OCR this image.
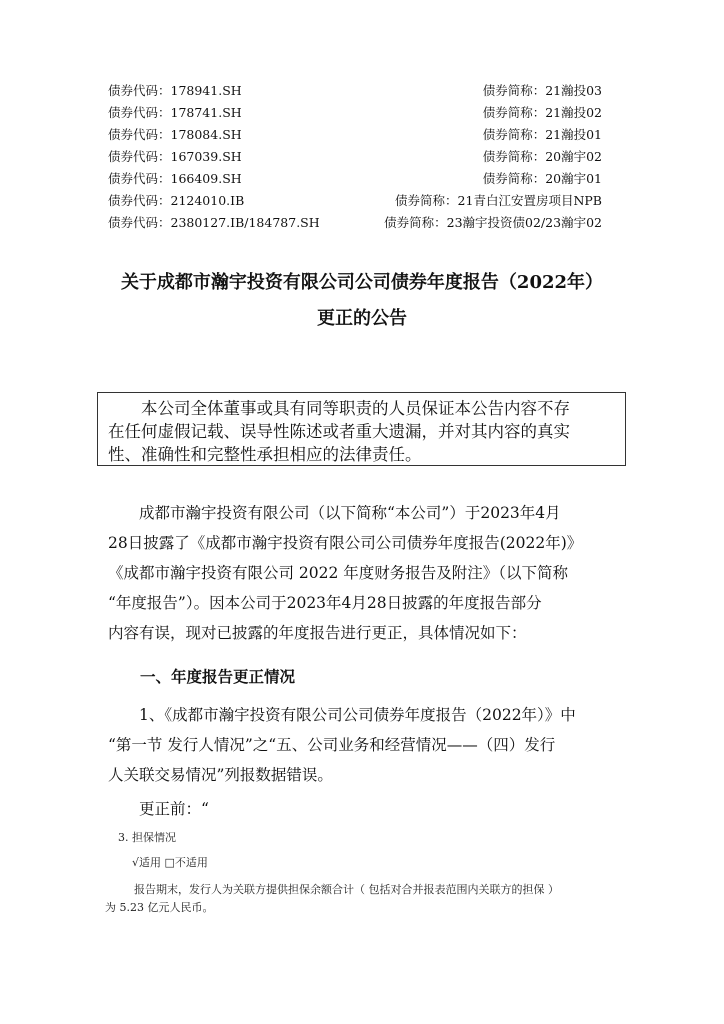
债券代码：178941.SH	债券简称：21瀚投03
债券代码：178741.SH	债券简称：21瀚投02
债券代码：178084.SH	债券简称：21瀚投01
债券代码：167039.SH	债券简称：20瀚宇02
债券代码：166409.SH	债券简称：20瀚宇01
债券代码：2124010.IB	债券简称：21青白江安置房项目NPB
债券代码：2380127.IB/184787.SH	债券简称：23瀚宇投资债02/23瀚宇02
关于成都市瀚宇投资有限公司公司债券年度报告（2022年）
更正的公告
本公司全体董事或具有同等职责的人员保证本公告内容不存
在任何虚假记载、误导性陈述或者重大遗漏，并对其内容的真实
性、准确性和完整性承担相应的法律责任。
成都市瀚宇投资有限公司（以下简称“本公司”）于2023年4月
28日披露了《成都市瀚宇投资有限公司公司债券年度报告(2022年)》
《成都市瀚宇投资有限公司 2022 年度财务报告及附注》（以下简称
“年度报告”）。因本公司于2023年4月28日披露的年度报告部分
内容有误，现对已披露的年度报告进行更正，具体情况如下：
一、年度报告更正情况
1、《成都市瀚宇投资有限公司公司债券年度报告（2022年）》中
“第一节 发行人情况”之“五、公司业务和经营情况——（四）发行
人关联交易情况”列报数据错误。
更正前：“
3. 担保情况
√适用 □不适用
报告期末，发行人为关联方提供担保余额合计（ 包括对合并报表范围内关联方的担保 ）
为 5.23 亿元人民币。
